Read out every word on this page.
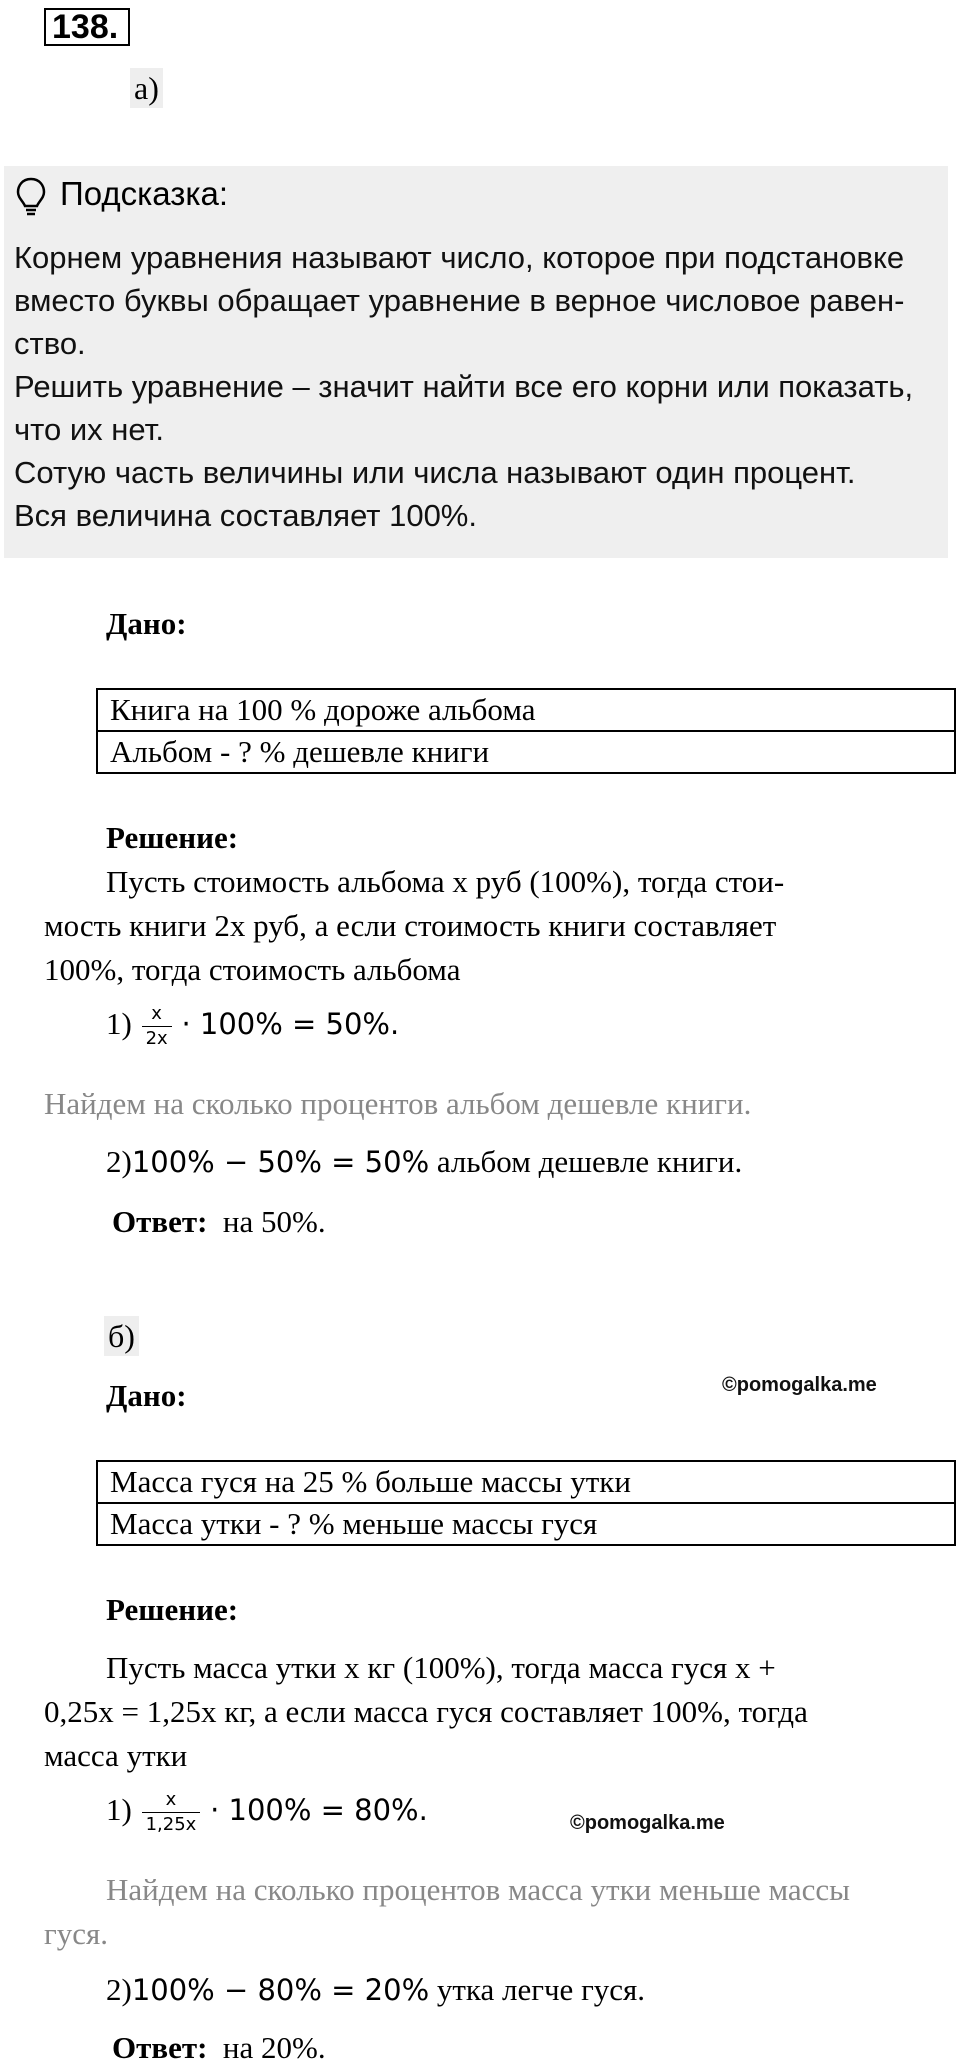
138.
а)
Подсказка:
Корнем уравнения называют число, которое при подстановке
вместо буквы обращает уравнение в верное числовое равен-
ство.
Решить уравнение – значит найти все его корни или показать,
что их нет.
Сотую часть величины или числа называют один процент.
Вся величина составляет 100%.
Дано:
Книга на 100 % дороже альбома
Альбом - ? % дешевле книги
Решение:
Пусть стоимость альбома х руб (100%), тогда стои-
мость книги 2х руб, а если стоимость книги составляет
100%, тогда стоимость альбома
$1) \frac{x}{2x} \cdot 100\% = 50\%$.
Найдем на сколько процентов альбом дешевле книги.
2)100% − 50% = 50% альбом дешевле книги.
Ответ: на 50%.
б)
Дано:	©pomogalka.me
Масса гуся на 25 % больше массы утки
Масса утки - ? % меньше массы гуся
Решение:
Пусть масса утки х кг (100%), тогда масса гуся x +
0,25x = 1,25x кг, а если масса гуся составляет 100%, тогда
масса утки
$1) \frac{x}{1,25x} \cdot 100\% = 80\%$.	©pomogalka.me
Найдем на сколько процентов масса утки меньше массы
гуся.
2)100% − 80% = 20% утка легче гуся.
Ответ: на 20%.
